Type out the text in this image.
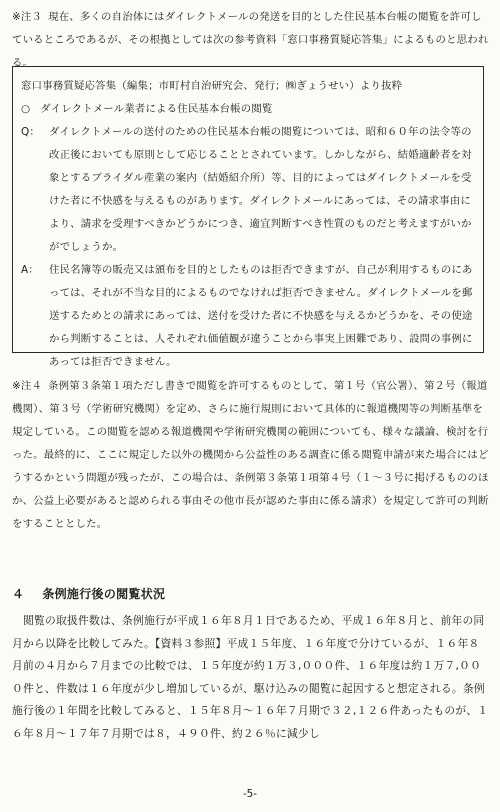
※注３ 現在、多くの自治体にはダイレクトメールの発送を目的とした住民基本台帳の閲覧を許可しているところであるが、その根拠としては次の参考資料「窓口事務質疑応答集」によるものと思われる。

窓口事務質疑応答集（編集；市町村自治研究会、発行；㈱ぎょうせい）より抜粋

○ ダイレクトメール業者による住民基本台帳の閲覧

Q： ダイレクトメールの送付のための住民基本台帳の閲覧については、昭和６０年の法令等の改正後においても原則として応じることとされています。しかしながら、結婚適齢者を対象とするブライダル産業の案内（結婚紹介所）等、目的によってはダイレクトメールを受けた者に不快感を与えるものがあります。ダイレクトメールにあっては、その請求事由により、請求を受理すべきかどうかにつき、適宜判断すべき性質のものだと考えますがいかがでしょうか。
A： 住民名簿等の販売又は頒布を目的としたものは拒否できますが、自己が利用するものにあっては、それが不当な目的によるものでなければ拒否できません。ダイレクトメールを郵送するためとの請求にあっては、送付を受けた者に不快感を与えるかどうかを、その使途から判断することは、人それぞれ価値観が違うことから事実上困難であり、設問の事例にあっては拒否できません。

※注４ 条例第３条第１項ただし書きで閲覧を許可するものとして、第１号（官公署）、第２号（報道機関）、第３号（学術研究機関）を定め、さらに施行規則において具体的に報道機関等の判断基準を規定している。この閲覧を認める報道機関や学術研究機関の範囲についても、様々な議論、検討を行った。最終的に、ここに規定した以外の機関から公益性のある調査に係る閲覧申請が来た場合にはどうするかという問題が残ったが、この場合は、条例第３条第１項第４号（１〜３号に掲げるもののほか、公益上必要があると認められる事由その他市長が認めた事由に係る請求）を規定して許可の判断をすることとした。

４ 条例施行後の閲覧状況

　閲覧の取扱件数は、条例施行が平成１６年８月１日であるため、平成１６年８月と、前年の同月から以降を比較してみた。【資料３参照】平成１５年度、１６年度で分けているが、１６年８月前の４月から７月までの比較では、１５年度が約１万３,０００件、１６年度は約１万７,０００件と、件数は１６年度が少し増加しているが、駆け込みの閲覧に起因すると想定される。条例施行後の１年間を比較してみると、１５年８月〜１６年７月期で３２,１２６件あったものが、１６年８月〜１７年７月期では８，４９０件、約２６％に減少し

-5-
